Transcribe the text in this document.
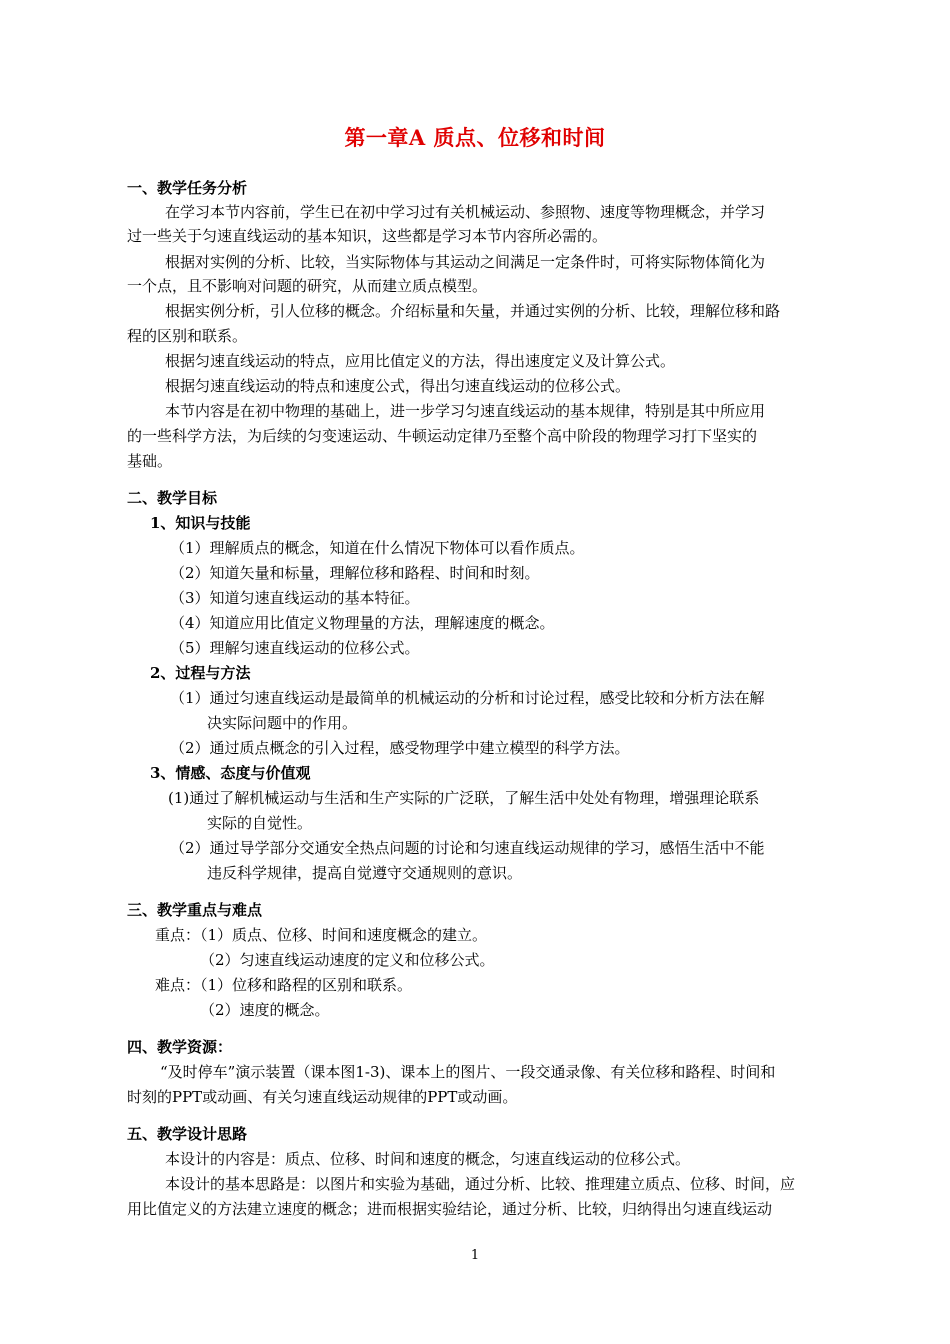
第一章A 质点、位移和时间
一、教学任务分析
在学习本节内容前，学生已在初中学习过有关机械运动、参照物、速度等物理概念，并学习
过一些关于匀速直线运动的基本知识，这些都是学习本节内容所必需的。
根据对实例的分析、比较，当实际物体与其运动之间满足一定条件时，可将实际物体简化为
一个点，且不影响对问题的研究，从而建立质点模型。
根据实例分析，引人位移的概念。介绍标量和矢量，并通过实例的分析、比较，理解位移和路
程的区别和联系。
根据匀速直线运动的特点，应用比值定义的方法，得出速度定义及计算公式。
根据匀速直线运动的特点和速度公式，得出匀速直线运动的位移公式。
本节内容是在初中物理的基础上，进一步学习匀速直线运动的基本规律，特别是其中所应用
的一些科学方法，为后续的匀变速运动、牛顿运动定律乃至整个高中阶段的物理学习打下坚实的
基础。
二、教学目标
1、知识与技能
（1）理解质点的概念，知道在什么情况下物体可以看作质点。
（2）知道矢量和标量，理解位移和路程、时间和时刻。
（3）知道匀速直线运动的基本特征。
（4）知道应用比值定义物理量的方法，理解速度的概念。
（5）理解匀速直线运动的位移公式。
2、过程与方法
（1）通过匀速直线运动是最简单的机械运动的分析和讨论过程，感受比较和分析方法在解
决实际问题中的作用。
（2）通过质点概念的引入过程，感受物理学中建立模型的科学方法。
3、情感、态度与价值观
(1)通过了解机械运动与生活和生产实际的广泛联，了解生活中处处有物理，增强理论联系
实际的自觉性。
（2）通过导学部分交通安全热点问题的讨论和匀速直线运动规律的学习，感悟生活中不能
违反科学规律，提高自觉遵守交通规则的意识。
三、教学重点与难点
重点：（1）质点、位移、时间和速度概念的建立。
（2）匀速直线运动速度的定义和位移公式。
难点：（1）位移和路程的区别和联系。
（2）速度的概念。
四、教学资源：
“及时停车”演示装置（课本图1-3)、课本上的图片、一段交通录像、有关位移和路程、时间和
时刻的PPT或动画、有关匀速直线运动规律的PPT或动画。
五、教学设计思路
本设计的内容是：质点、位移、时间和速度的概念，匀速直线运动的位移公式。
本设计的基本思路是：以图片和实验为基础，通过分析、比较、推理建立质点、位移、时间，应
用比值定义的方法建立速度的概念；进而根据实验结论，通过分析、比较，归纳得出匀速直线运动
1
